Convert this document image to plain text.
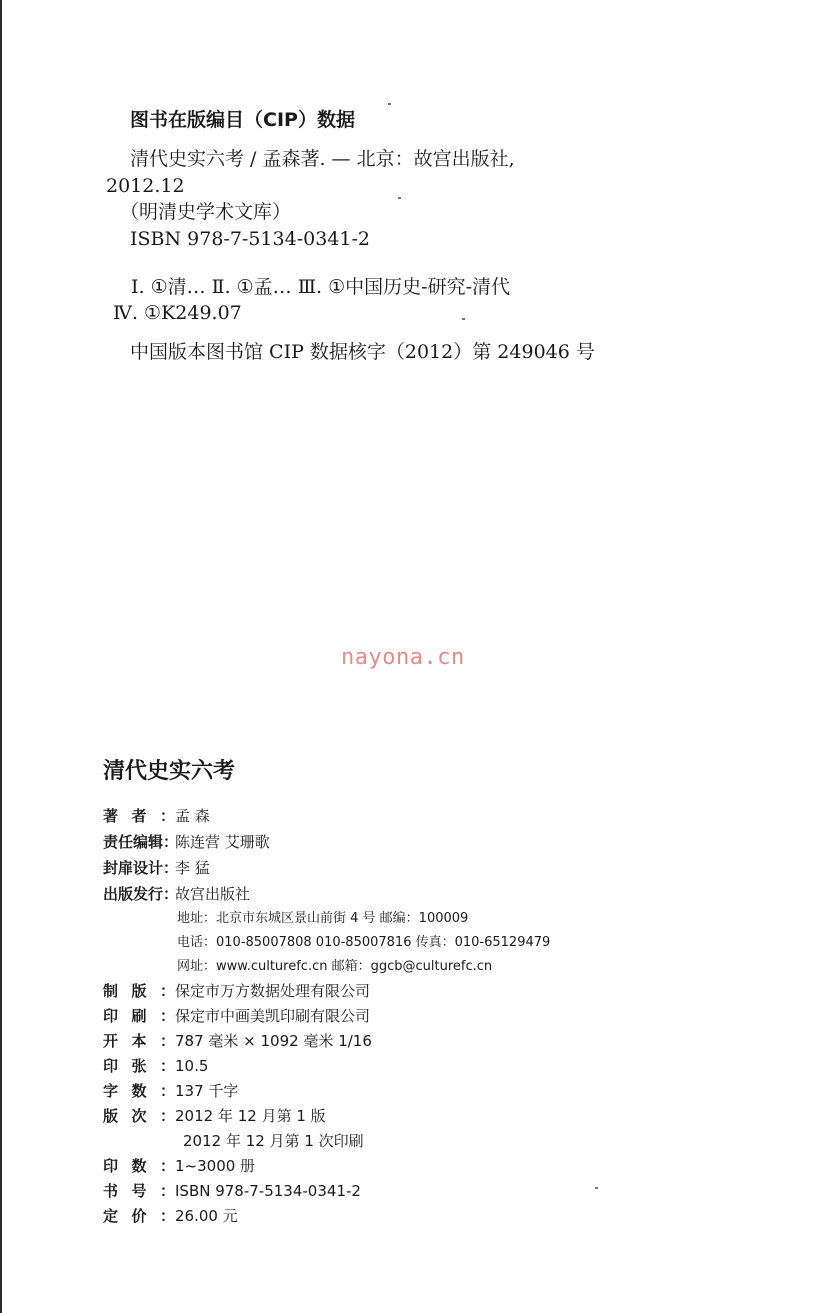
图书在版编目（CIP）数据
清代史实六考 / 孟森著. — 北京：故宫出版社,
2012.12
（明清史学术文库）
ISBN 978-7-5134-0341-2
Ⅰ. ①清… Ⅱ. ①孟… Ⅲ. ①中国历史-研究-清代
Ⅳ. ①K249.07
中国版本图书馆 CIP 数据核字（2012）第 249046 号
nayona.cn
清代史实六考
著者：孟 森
责任编辑：陈连营 艾珊歌
封扉设计：李 猛
出版发行：故宫出版社
地址：北京市东城区景山前街 4 号 邮编：100009
电话：010-85007808 010-85007816 传真：010-65129479
网址：www.culturefc.cn 邮箱：ggcb@culturefc.cn
制版：保定市万方数据处理有限公司
印刷：保定市中画美凯印刷有限公司
开本：787 毫米 × 1092 毫米 1/16
印张：10.5
字数：137 千字
版次：2012 年 12 月第 1 版
2012 年 12 月第 1 次印刷
印数：1~3000 册
书号：ISBN 978-7-5134-0341-2
定价：26.00 元
